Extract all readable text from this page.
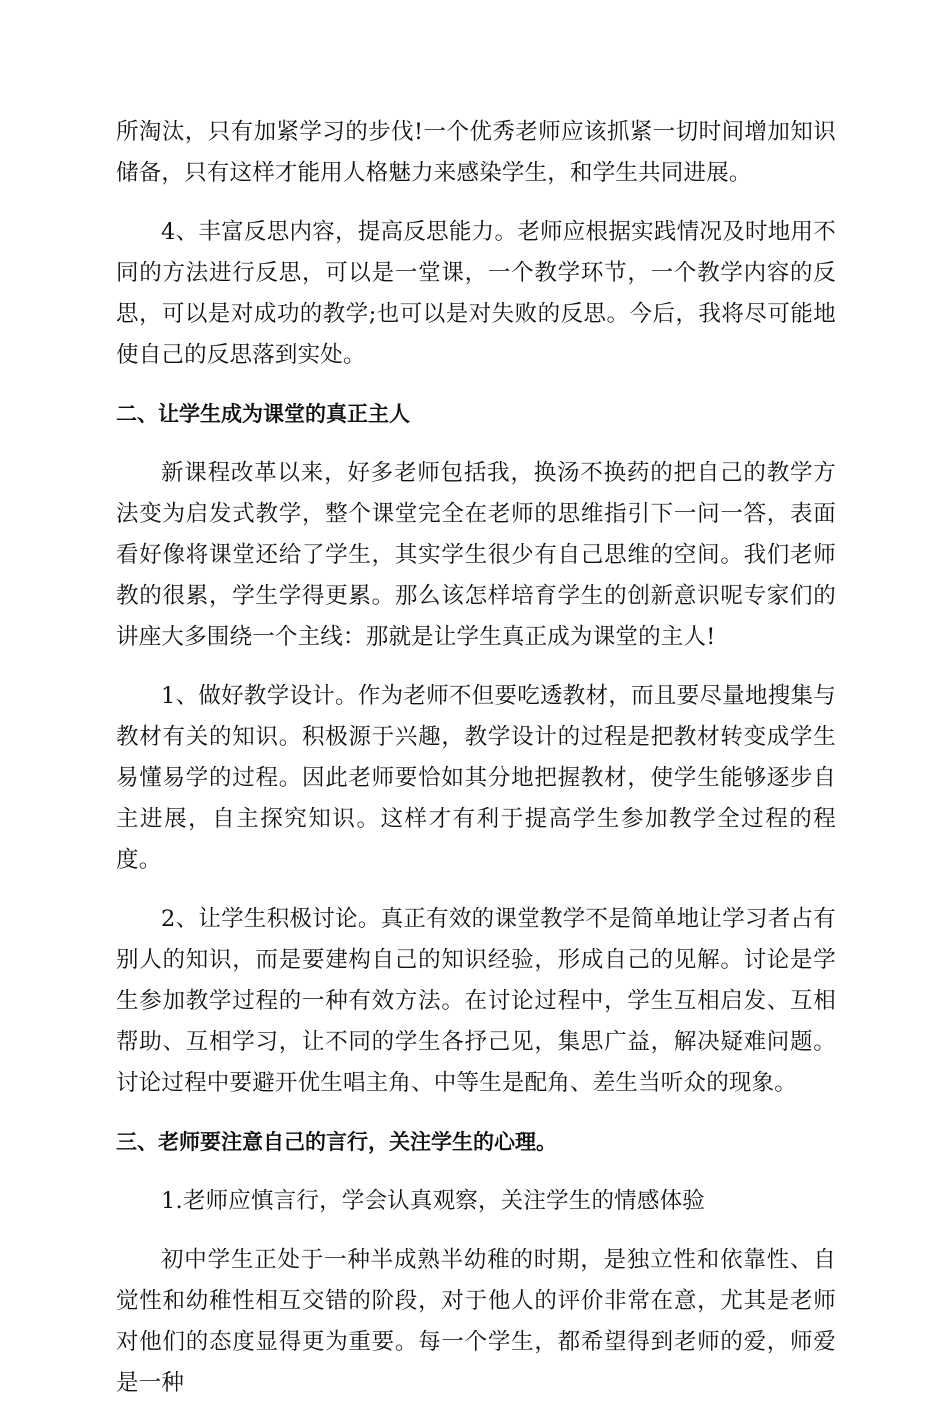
所淘汰，只有加紧学习的步伐!一个优秀老师应该抓紧一切时间增加知识储备，只有这样才能用人格魅力来感染学生，和学生共同进展。

4、丰富反思内容，提高反思能力。老师应根据实践情况及时地用不同的方法进行反思，可以是一堂课，一个教学环节，一个教学内容的反思，可以是对成功的教学;也可以是对失败的反思。今后，我将尽可能地使自己的反思落到实处。

二、让学生成为课堂的真正主人

新课程改革以来，好多老师包括我，换汤不换药的把自己的教学方法变为启发式教学，整个课堂完全在老师的思维指引下一问一答，表面看好像将课堂还给了学生，其实学生很少有自己思维的空间。我们老师教的很累，学生学得更累。那么该怎样培育学生的创新意识呢专家们的讲座大多围绕一个主线：那就是让学生真正成为课堂的主人!

1、做好教学设计。作为老师不但要吃透教材，而且要尽量地搜集与教材有关的知识。积极源于兴趣，教学设计的过程是把教材转变成学生易懂易学的过程。因此老师要恰如其分地把握教材，使学生能够逐步自主进展，自主探究知识。这样才有利于提高学生参加教学全过程的程度。

2、让学生积极讨论。真正有效的课堂教学不是简单地让学习者占有别人的知识，而是要建构自己的知识经验，形成自己的见解。讨论是学生参加教学过程的一种有效方法。在讨论过程中，学生互相启发、互相帮助、互相学习，让不同的学生各抒己见，集思广益，解决疑难问题。讨论过程中要避开优生唱主角、中等生是配角、差生当听众的现象。

三、老师要注意自己的言行，关注学生的心理。

1.老师应慎言行，学会认真观察，关注学生的情感体验

初中学生正处于一种半成熟半幼稚的时期，是独立性和依靠性、自觉性和幼稚性相互交错的阶段，对于他人的评价非常在意，尤其是老师对他们的态度显得更为重要。每一个学生，都希望得到老师的爱，师爱是一种
